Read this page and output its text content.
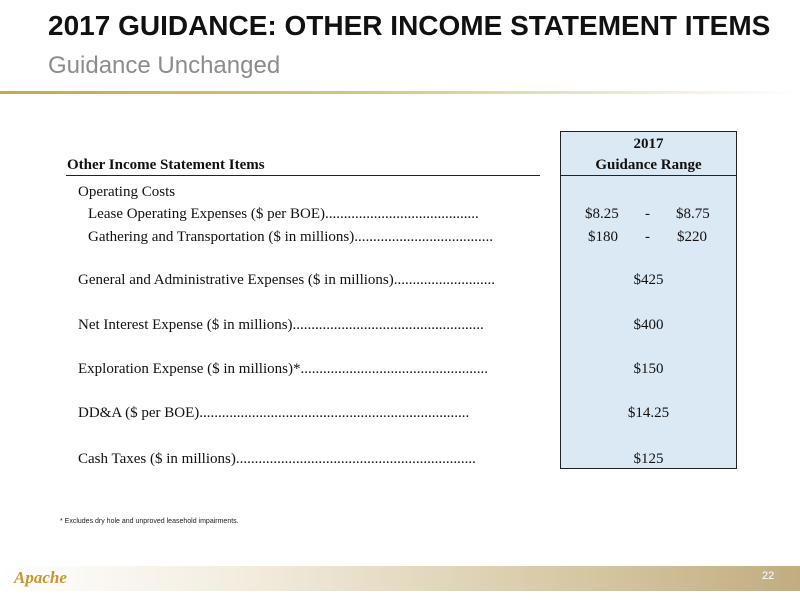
2017 GUIDANCE: OTHER INCOME STATEMENT ITEMS
Guidance Unchanged
2017
Guidance Range
Other Income Statement Items
Operating Costs
Lease Operating Expenses ($ per BOE).........................................	$8.25 - $8.75
Gathering and Transportation ($ in millions).....................................	$180 - $220
General and Administrative Expenses ($ in millions)...........................	$425
Net Interest Expense ($ in millions)...................................................	$400
Exploration Expense ($ in millions)*..................................................	$150
DD&A ($ per BOE)........................................................................	$14.25
Cash Taxes ($ in millions)................................................................	$125
* Excludes dry hole and unproved leasehold impairments.
Apache	22
